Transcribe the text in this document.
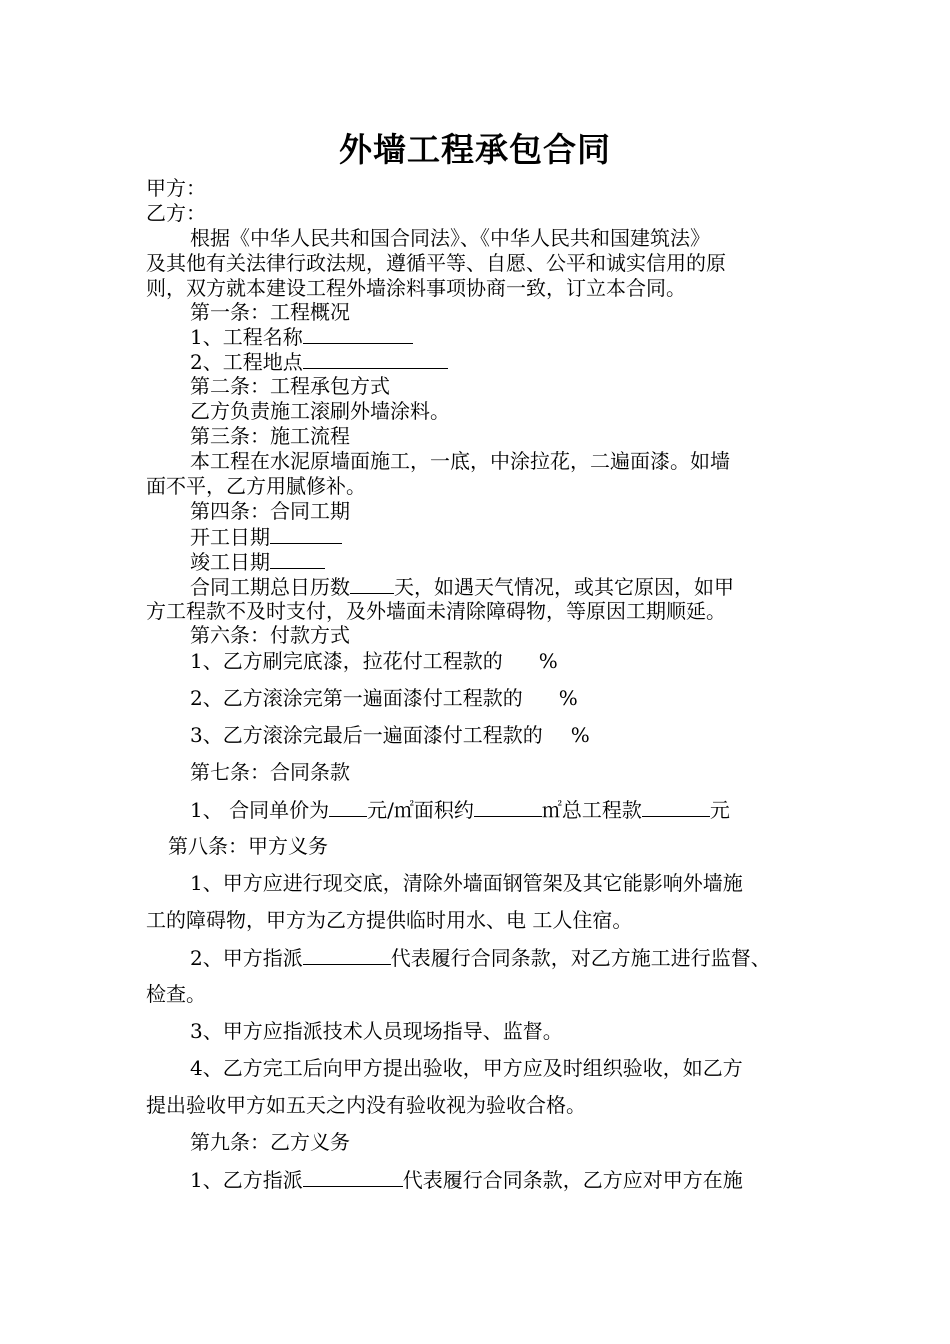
外墙工程承包合同
甲方：
乙方：
根据《中华人民共和国合同法》、《中华人民共和国建筑法》
及其他有关法律行政法规，遵循平等、自愿、公平和诚实信用的原
则，双方就本建设工程外墙涂料事项协商一致，订立本合同。
第一条：工程概况
1、工程名称
2、工程地点
第二条：工程承包方式
乙方负责施工滚刷外墙涂料。
第三条：施工流程
本工程在水泥原墙面施工，一底，中涂拉花，二遍面漆。如墙
面不平，乙方用腻修补。
第四条：合同工期
开工日期
竣工日期
合同工期总日历数 天，如遇天气情况，或其它原因，如甲
方工程款不及时支付，及外墙面未清除障碍物，等原因工期顺延。
第六条：付款方式
1、乙方刷完底漆，拉花付工程款的 %
2、乙方滚涂完第一遍面漆付工程款的 %
3、乙方滚涂完最后一遍面漆付工程款的 %
第七条：合同条款
1、 合同单价为 元/㎡面积约	㎡总工程款	元
第八条：甲方义务
1、甲方应进行现交底，清除外墙面钢管架及其它能影响外墙施
工的障碍物，甲方为乙方提供临时用水、电 工人住宿。
2、甲方指派	代表履行合同条款，对乙方施工进行监督、
检查。
3、甲方应指派技术人员现场指导、监督。
4、乙方完工后向甲方提出验收，甲方应及时组织验收，如乙方
提出验收甲方如五天之内没有验收视为验收合格。
第九条：乙方义务
1、乙方指派	代表履行合同条款，乙方应对甲方在施
